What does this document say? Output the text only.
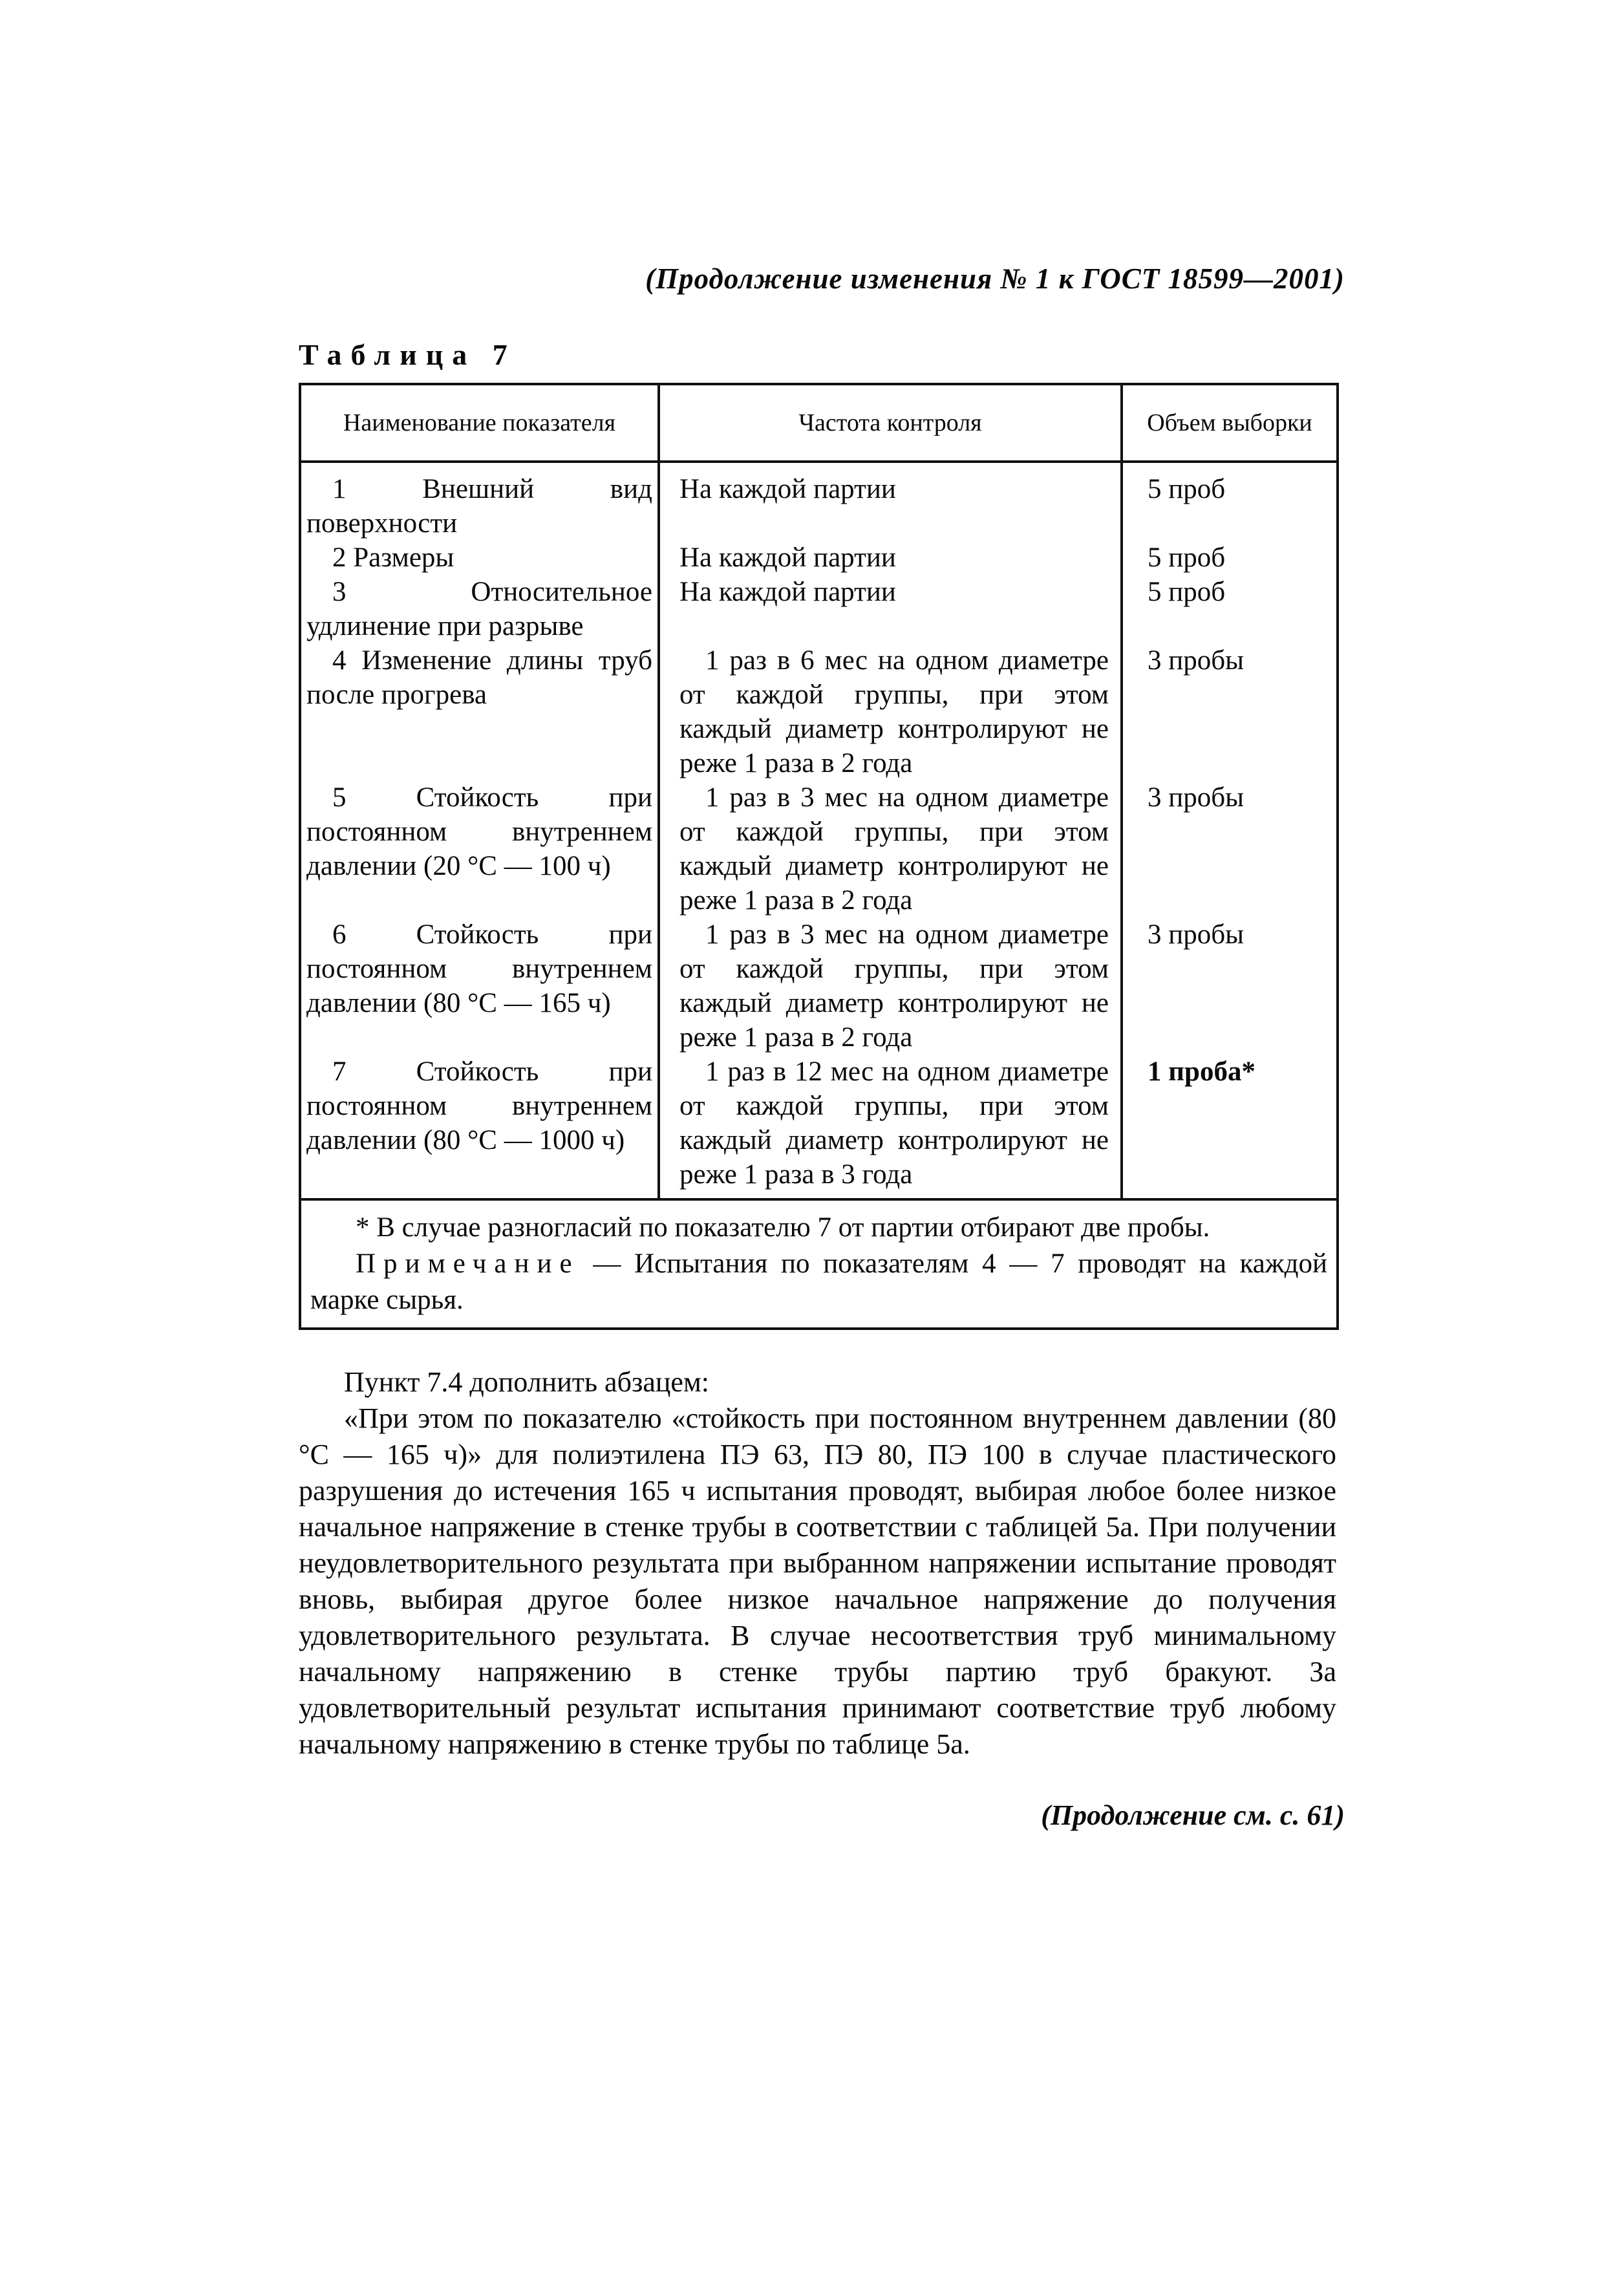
(Продолжение изменения № 1 к ГОСТ 18599—2001)
Таблица 7
Наименование показателя	Частота контроля	Объем выборки
1 Внешний вид поверхности	На каждой партии	5 проб
2 Размеры	На каждой партии	5 проб
3 Относительное удлинение при разрыве	На каждой партии	5 проб
4 Изменение длины труб после прогрева	1 раз в 6 мес на одном диаметре от каждой группы, при этом каждый диаметр контролируют не реже 1 раза в 2 года	3 пробы
5 Стойкость при постоянном внутреннем давлении (20 °С — 100 ч)	1 раз в 3 мес на одном диаметре от каждой группы, при этом каждый диаметр контролируют не реже 1 раза в 2 года	3 пробы
6 Стойкость при постоянном внутреннем давлении (80 °С — 165 ч)	1 раз в 3 мес на одном диаметре от каждой группы, при этом каждый диаметр контролируют не реже 1 раза в 2 года	3 пробы
7 Стойкость при постоянном внутреннем давлении (80 °С — 1000 ч)	1 раз в 12 мес на одном диаметре от каждой группы, при этом каждый диаметр контролируют не реже 1 раза в 3 года	1 проба*

* В случае разногласий по показателю 7 от партии отбирают две пробы.

Примечание — Испытания по показателям 4 — 7 проводят на каждой марке сырья.		

Пункт 7.4 дополнить абзацем:

«При этом по показателю «стойкость при постоянном внутреннем давлении (80 °С — 165 ч)» для полиэтилена ПЭ 63, ПЭ 80, ПЭ 100 в случае пластического разрушения до истечения 165 ч испытания проводят, выбирая любое более низкое начальное напряжение в стенке трубы в соответствии с таблицей 5а. При получении неудовлетворительного результата при выбранном напряжении испытание проводят вновь, выбирая другое более низкое начальное напряжение до получения удовлетворительного результата. В случае несоответствия труб минимальному начальному напряжению в стенке трубы партию труб бракуют. За удовлетворительный результат испытания принимают соответствие труб любому начальному напряжению в стенке трубы по таблице 5а.

(Продолжение см. с. 61)
